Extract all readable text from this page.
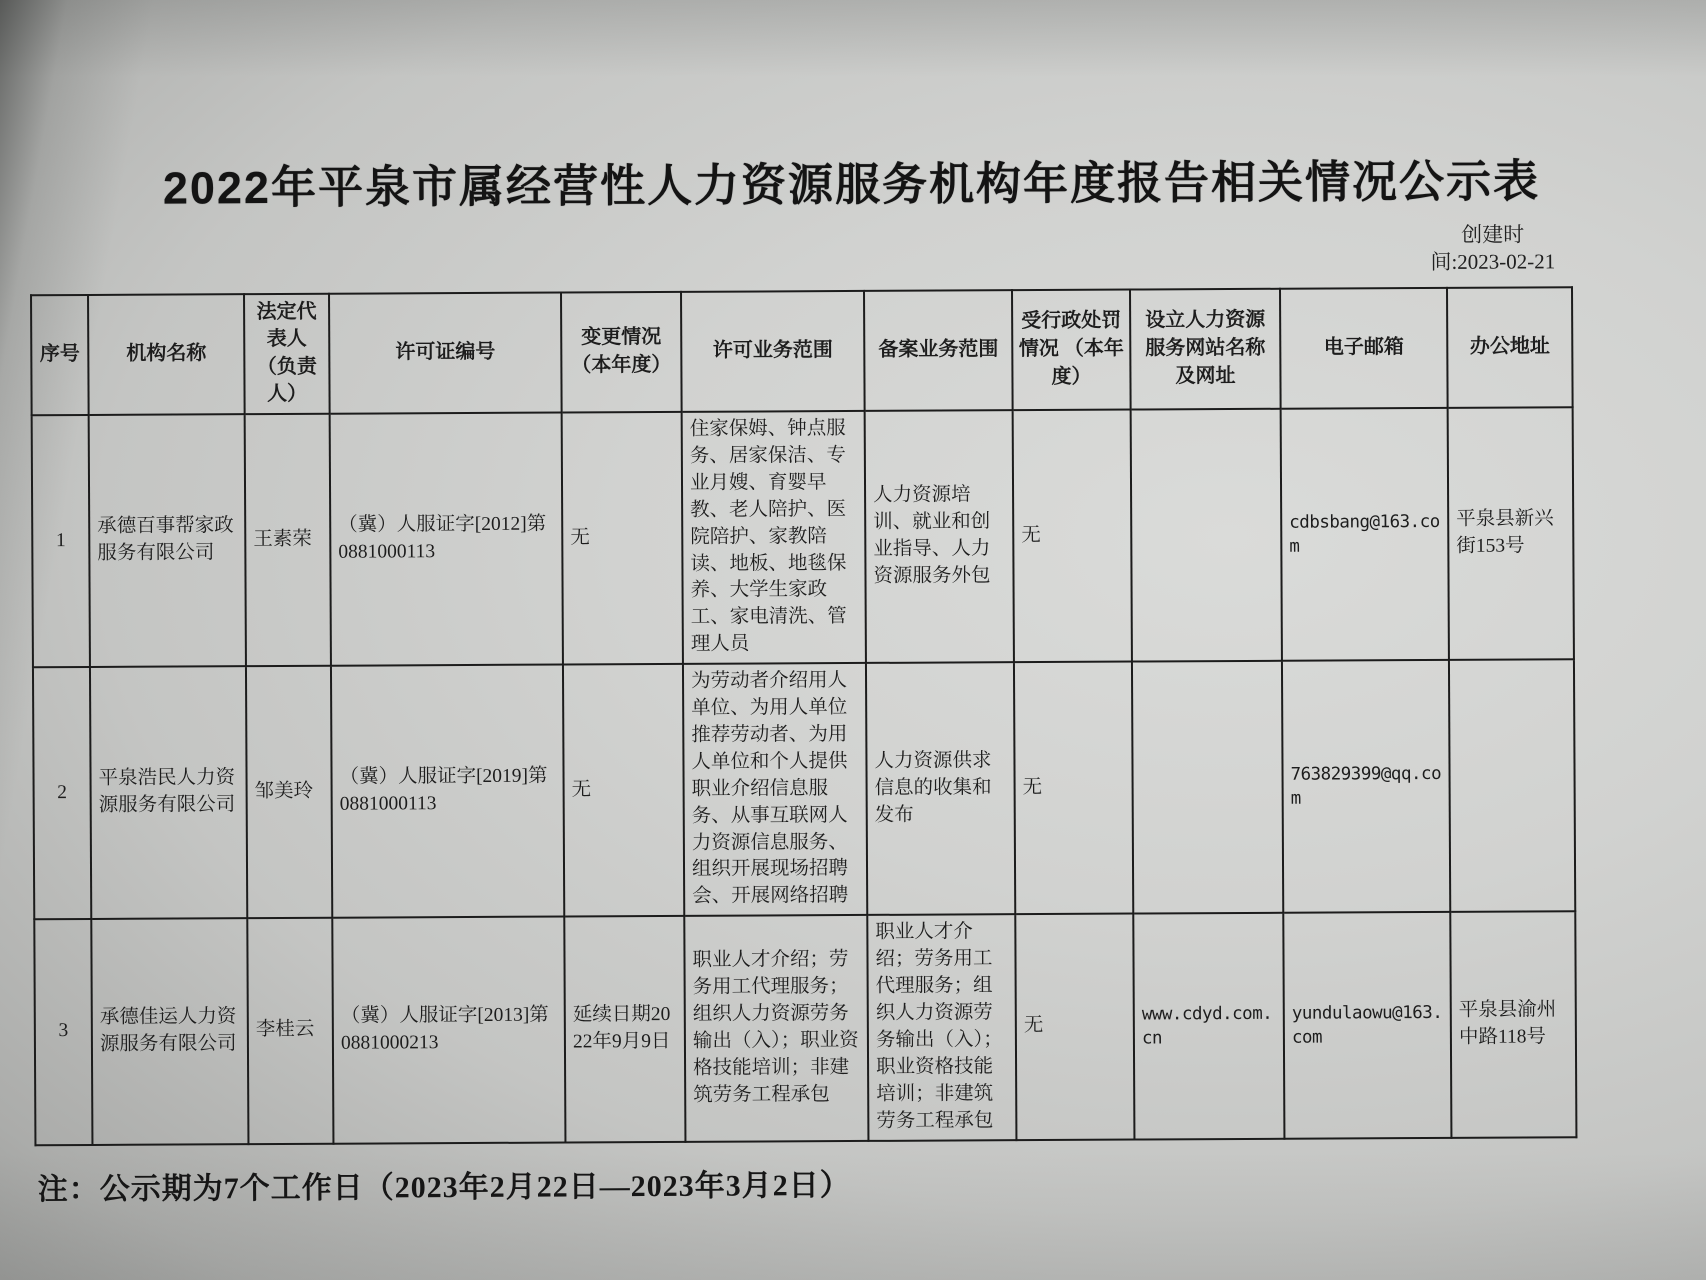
2022年平泉市属经营性人力资源服务机构年度报告相关情况公示表
创建时
间:2023-02-21
序号	机构名称	法定代表人 （负责人）	许可证编号	变更情况（本年度）	许可业务范围	备案业务范围	受行政处罚情况 （本年度）	设立人力资源服务网站名称及网址	电子邮箱	办公地址
1	承德百事帮家政服务有限公司	王素荣	（冀）人服证字[2012]第0881000113	无	住家保姆、钟点服务、居家保洁、专业月嫂、育婴早教、老人陪护、医院陪护、家教陪读、地板、地毯保养、大学生家政工、家电清洗、管理人员	人力资源培训、就业和创业指导、人力资源服务外包	无		cdbsbang@163.com	平泉县新兴街153号
2	平泉浩民人力资源服务有限公司	邹美玲	（冀）人服证字[2019]第0881000113	无	为劳动者介绍用人单位、为用人单位推荐劳动者、为用人单位和个人提供职业介绍信息服务、从事互联网人力资源信息服务、组织开展现场招聘会、开展网络招聘	人力资源供求信息的收集和发布	无		763829399@qq.com	
3	承德佳运人力资源服务有限公司	李桂云	（冀）人服证字[2013]第0881000213	延续日期2022年9月9日	职业人才介绍；劳务用工代理服务；组织人力资源劳务输出（入）；职业资格技能培训；非建筑劳务工程承包	职业人才介绍；劳务用工代理服务；组织人力资源劳务输出（入）；职业资格技能培训；非建筑劳务工程承包	无	www.cdyd.com.cn	yundulaowu@163.com	平泉县渝州中路118号
注：公示期为7个工作日（2023年2月22日—2023年3月2日）
